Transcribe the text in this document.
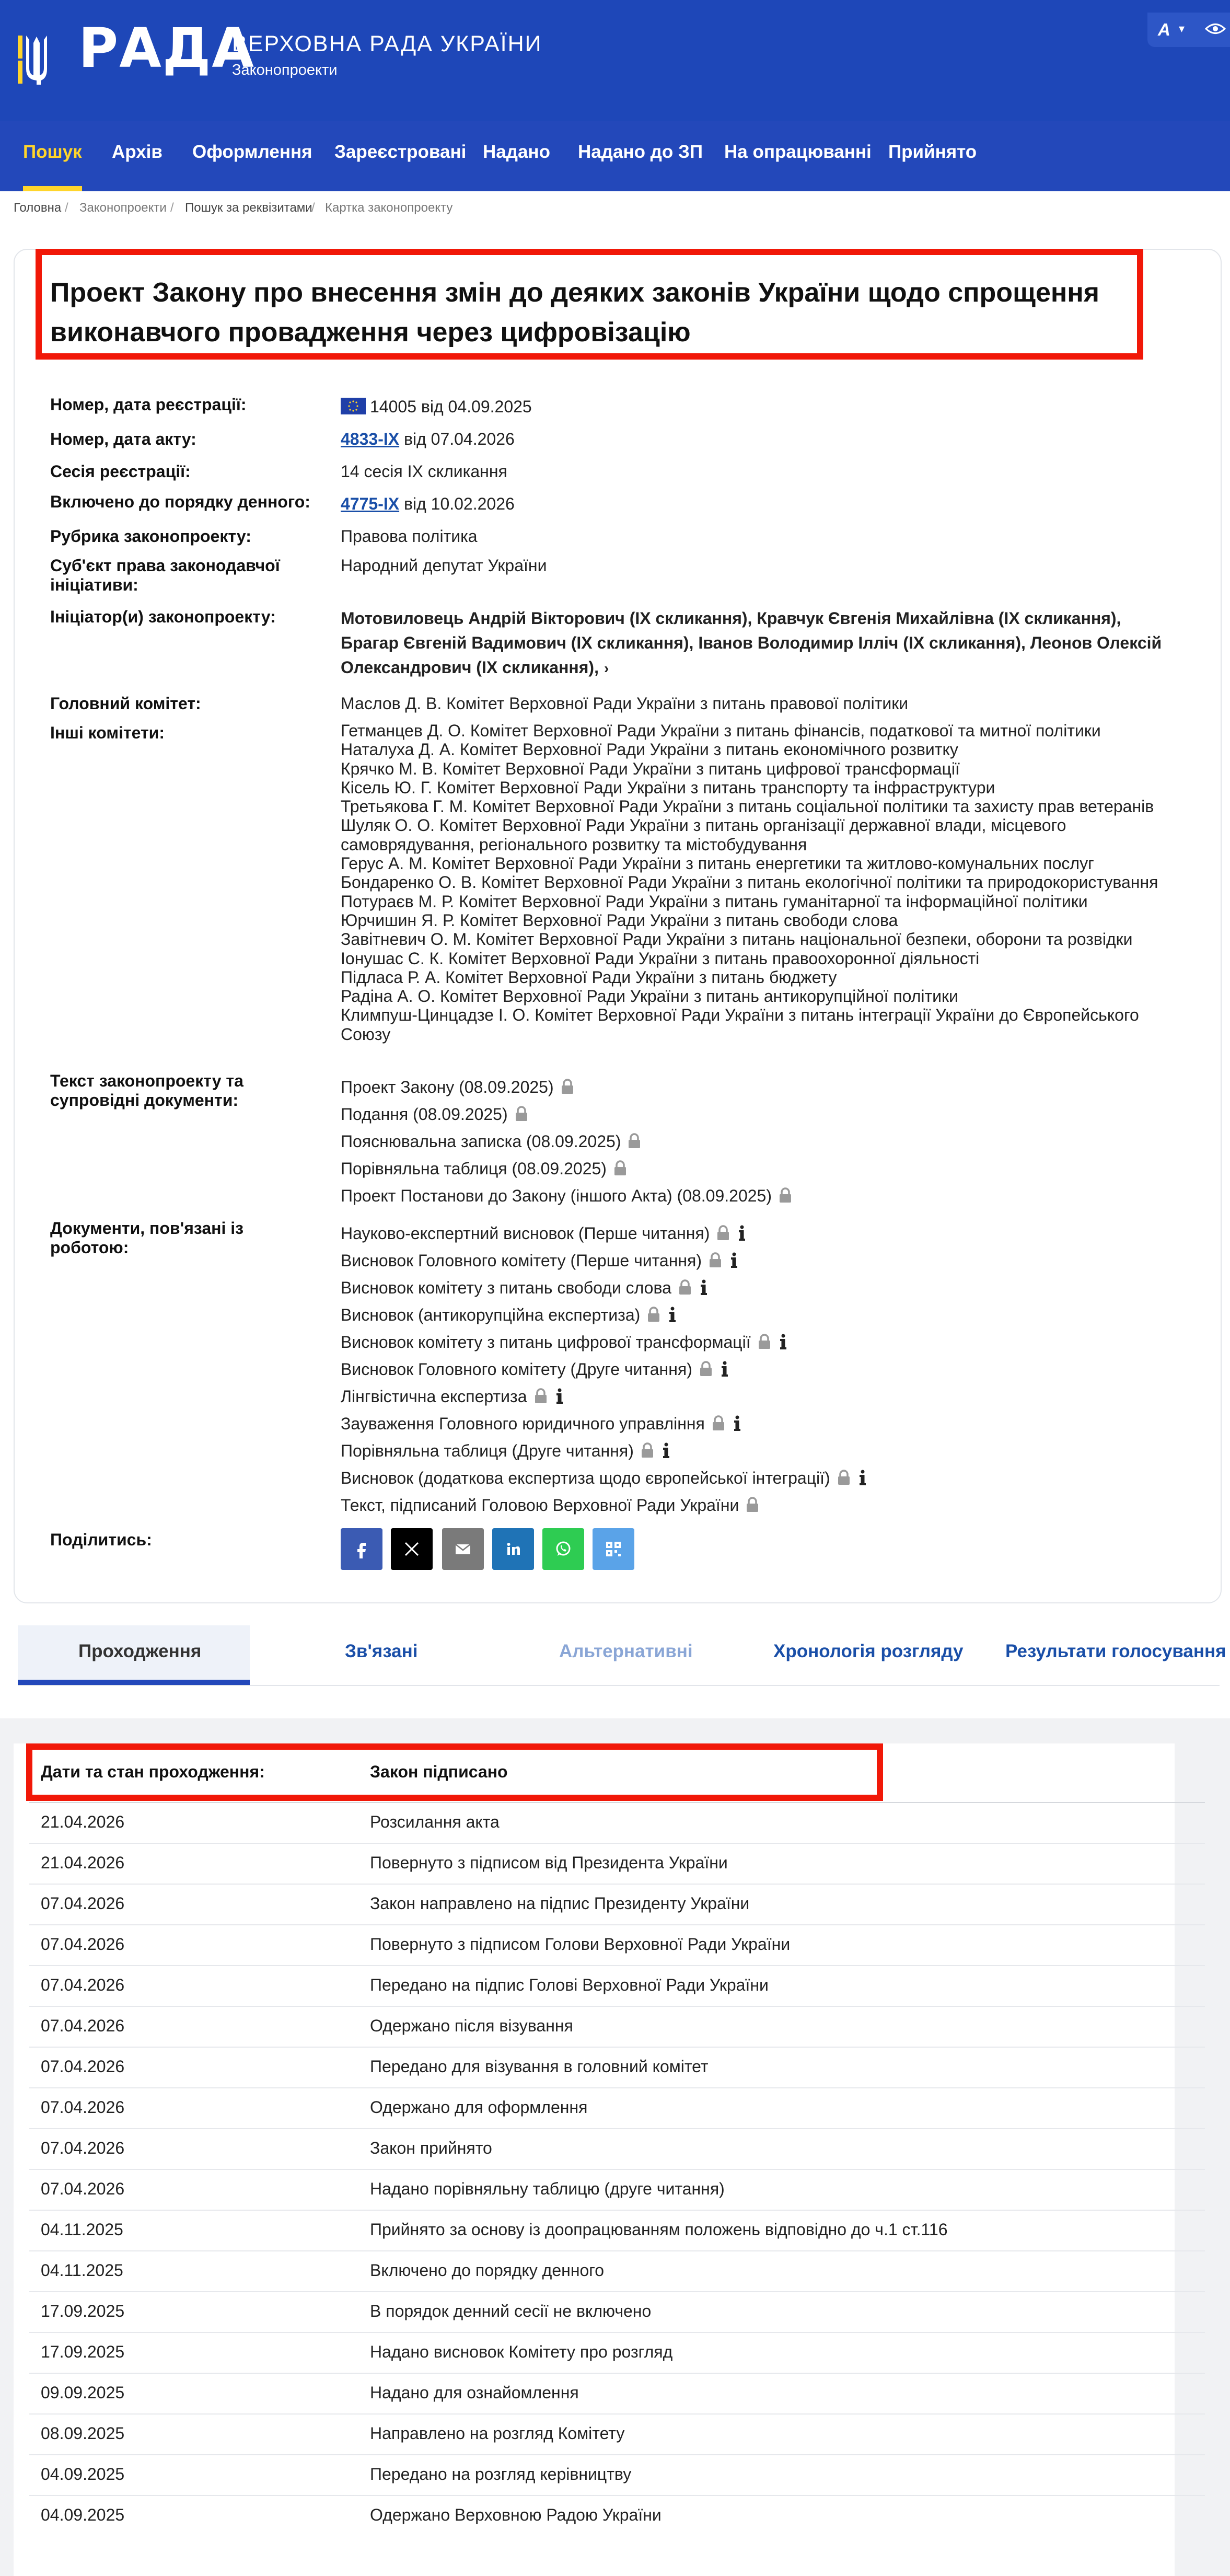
РАДА
ВЕРХОВНА РАДА УКРАЇНИ
Законопроекти
A ▾
Пошук Архів Оформлення Зареєстровані Надано Надано до ЗП На опрацюванні Прийнято
Головна / Законопроекти / Пошук за реквізитами
/ Картка законопроекту
Проект Закону про внесення змін до деяких законів України щодо спрощення виконавчого провадження через цифровізацію
Номер, дата реєстрації:	14005 від 04.09.2025
Номер, дата акту:	4833-IX від 07.04.2026
Сесія реєстрації:	14 сесія IX скликання
Включено до порядку денного: 4775-IX від 10.02.2026
Рубрика законопроекту:	Правова політика
Суб'єкт права законодавчої ініціативи:
Народний депутат України
Ініціатор(и) законопроекту:	Мотовиловець Андрій Вікторович (IX скликання), Кравчук Євгенія Михайлівна (IX скликання), Брагар Євгеній Вадимович (IX скликання), Іванов Володимир Ілліч (IX скликання), Леонов Олексій Олександрович (IX скликання), ›
Головний комітет:	Маслов Д. В. Комітет Верховної Ради України з питань правової політики
Інші комітети:	Гетманцев Д. О. Комітет Верховної Ради України з питань фінансів, податкової та митної політики
Наталуха Д. А. Комітет Верховної Ради України з питань економічного розвитку
Крячко М. В. Комітет Верховної Ради України з питань цифрової трансформації
Кісель Ю. Г. Комітет Верховної Ради України з питань транспорту та інфраструктури
Третьякова Г. М. Комітет Верховної Ради України з питань соціальної політики та захисту прав ветеранів
Шуляк О. О. Комітет Верховної Ради України з питань організації державної влади, місцевого самоврядування, регіонального розвитку та містобудування
Герус А. М. Комітет Верховної Ради України з питань енергетики та житлово-комунальних послуг
Бондаренко О. В. Комітет Верховної Ради України з питань екологічної політики та природокористування
Потураєв М. Р. Комітет Верховної Ради України з питань гуманітарної та інформаційної політики
Юрчишин Я. Р. Комітет Верховної Ради України з питань свободи слова
Завітневич О. М. Комітет Верховної Ради України з питань національної безпеки, оборони та розвідки
Іонушас С. К. Комітет Верховної Ради України з питань правоохоронної діяльності
Підласа Р. А. Комітет Верховної Ради України з питань бюджету
Радіна А. О. Комітет Верховної Ради України з питань антикорупційної політики
Климпуш-Цинцадзе І. О. Комітет Верховної Ради України з питань інтеграції України до Європейського Союзу
Текст законопроекту та супровідні документи:
Проект Закону (08.09.2025)
Подання (08.09.2025)
Пояснювальна записка (08.09.2025)
Порівняльна таблиця (08.09.2025)
Проект Постанови до Закону (іншого Акта) (08.09.2025)
Документи, пов'язані із роботою:
Науково-експертний висновок (Перше читання)
Висновок Головного комітету (Перше читання)
Висновок комітету з питань свободи слова
Висновок (антикорупційна експертиза)
Висновок комітету з питань цифрової трансформації
Висновок Головного комітету (Друге читання)
Лінгвістична експертиза
Зауваження Головного юридичного управління
Порівняльна таблиця (Друге читання)
Висновок (додаткова експертиза щодо європейської інтеграції)
Текст, підписаний Головою Верховної Ради України
Поділитись:
Проходження	Зв'язані	Альтернативні	Хронологія розгляду Результати голосування
Дати та стан проходження:	Закон підписано
21.04.2026	Розсилання акта
21.04.2026	Повернуто з підписом від Президента України
07.04.2026	Закон направлено на підпис Президенту України
07.04.2026	Повернуто з підписом Голови Верховної Ради України
07.04.2026	Передано на підпис Голові Верховної Ради України
07.04.2026	Одержано після візування
07.04.2026	Передано для візування в головний комітет
07.04.2026	Одержано для оформлення
07.04.2026	Закон прийнято
07.04.2026	Надано порівняльну таблицю (друге читання)
04.11.2025	Прийнято за основу із доопрацюванням положень відповідно до ч.1 ст.116
04.11.2025	Включено до порядку денного
17.09.2025	В порядок денний сесії не включено
17.09.2025	Надано висновок Комітету про розгляд
09.09.2025	Надано для ознайомлення
08.09.2025	Направлено на розгляд Комітету
04.09.2025	Передано на розгляд керівництву
04.09.2025	Одержано Верховною Радою України
